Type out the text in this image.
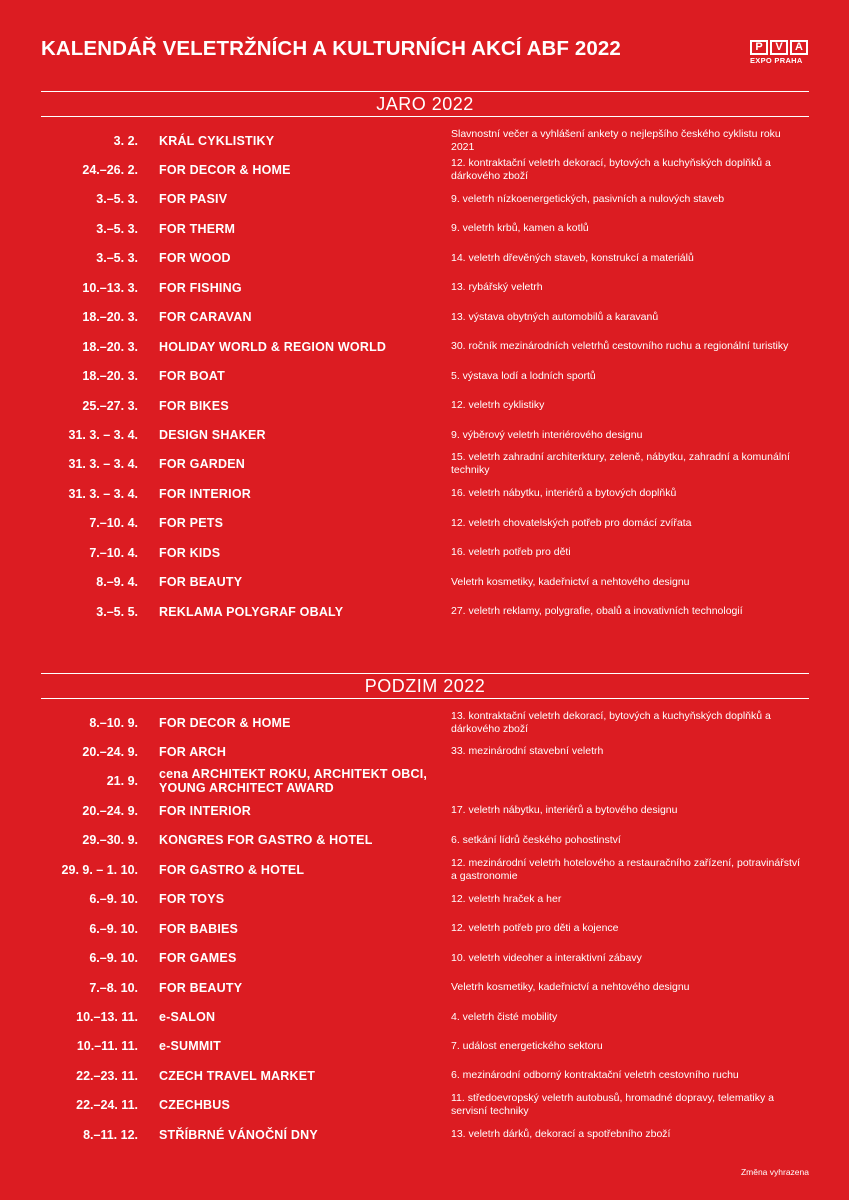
KALENDÁŘ VELETRŽNÍCH A KULTURNÍCH AKCÍ ABF 2022	P	V	A
EXPO PRAHA
JARO 2022
3. 2. KRÁL CYKLISTIKY	Slavnostní večer a vyhlášení ankety o nejlepšího českého cyklistu roku 2021
24.–26. 2. FOR DECOR & HOME	12. kontraktační veletrh dekorací, bytových a kuchyňských doplňků a dárkového zboží
3.–5. 3. FOR PASIV	9. veletrh nízkoenergetických, pasivních a nulových staveb
3.–5. 3. FOR THERM	9. veletrh krbů, kamen a kotlů
3.–5. 3. FOR WOOD	14. veletrh dřevěných staveb, konstrukcí a materiálů
10.–13. 3. FOR FISHING	13. rybářský veletrh
18.–20. 3. FOR CARAVAN	13. výstava obytných automobilů a karavanů
18.–20. 3. HOLIDAY WORLD & REGION WORLD	30. ročník mezinárodních veletrhů cestovního ruchu a regionální turistiky
18.–20. 3. FOR BOAT	5. výstava lodí a lodních sportů
25.–27. 3. FOR BIKES	12. veletrh cyklistiky
31. 3. – 3. 4. DESIGN SHAKER	9. výběrový veletrh interiérového designu
31. 3. – 3. 4. FOR GARDEN	15. veletrh zahradní architerktury, zeleně, nábytku, zahradní a komunální techniky
31. 3. – 3. 4. FOR INTERIOR	16. veletrh nábytku, interiérů a bytových doplňků
7.–10. 4. FOR PETS	12. veletrh chovatelských potřeb pro domácí zvířata
7.–10. 4. FOR KIDS	16. veletrh potřeb pro děti
8.–9. 4. FOR BEAUTY	Veletrh kosmetiky, kadeřnictví a nehtového designu
3.–5. 5. REKLAMA POLYGRAF OBALY	27. veletrh reklamy, polygrafie, obalů a inovativních technologií
PODZIM 2022
8.–10. 9. FOR DECOR & HOME	13. kontraktační veletrh dekorací, bytových a kuchyňských doplňků a dárkového zboží
20.–24. 9. FOR ARCH	33. mezinárodní stavební veletrh
21. 9. cena ARCHITEKT ROKU, ARCHITEKT OBCI, YOUNG ARCHITECT AWARD
20.–24. 9. FOR INTERIOR	17. veletrh nábytku, interiérů a bytového designu
29.–30. 9. KONGRES FOR GASTRO & HOTEL	6. setkání lídrů českého pohostinství
29. 9. – 1. 10. FOR GASTRO & HOTEL	12. mezinárodní veletrh hotelového a restauračního zařízení, potravinářství a gastronomie
6.–9. 10. FOR TOYS	12. veletrh hraček a her
6.–9. 10. FOR BABIES	12. veletrh potřeb pro děti a kojence
6.–9. 10. FOR GAMES	10. veletrh videoher a interaktivní zábavy
7.–8. 10. FOR BEAUTY	Veletrh kosmetiky, kadeřnictví a nehtového designu
10.–13. 11. e-SALON	4. veletrh čisté mobility
10.–11. 11. e-SUMMIT	7. událost energetického sektoru
22.–23. 11. CZECH TRAVEL MARKET	6. mezinárodní odborný kontraktační veletrh cestovního ruchu
22.–24. 11. CZECHBUS	11. středoevropský veletrh autobusů, hromadné dopravy, telematiky a servisní techniky
8.–11. 12. STŘÍBRNÉ VÁNOČNÍ DNY	13. veletrh dárků, dekorací a spotřebního zboží
Změna vyhrazena
